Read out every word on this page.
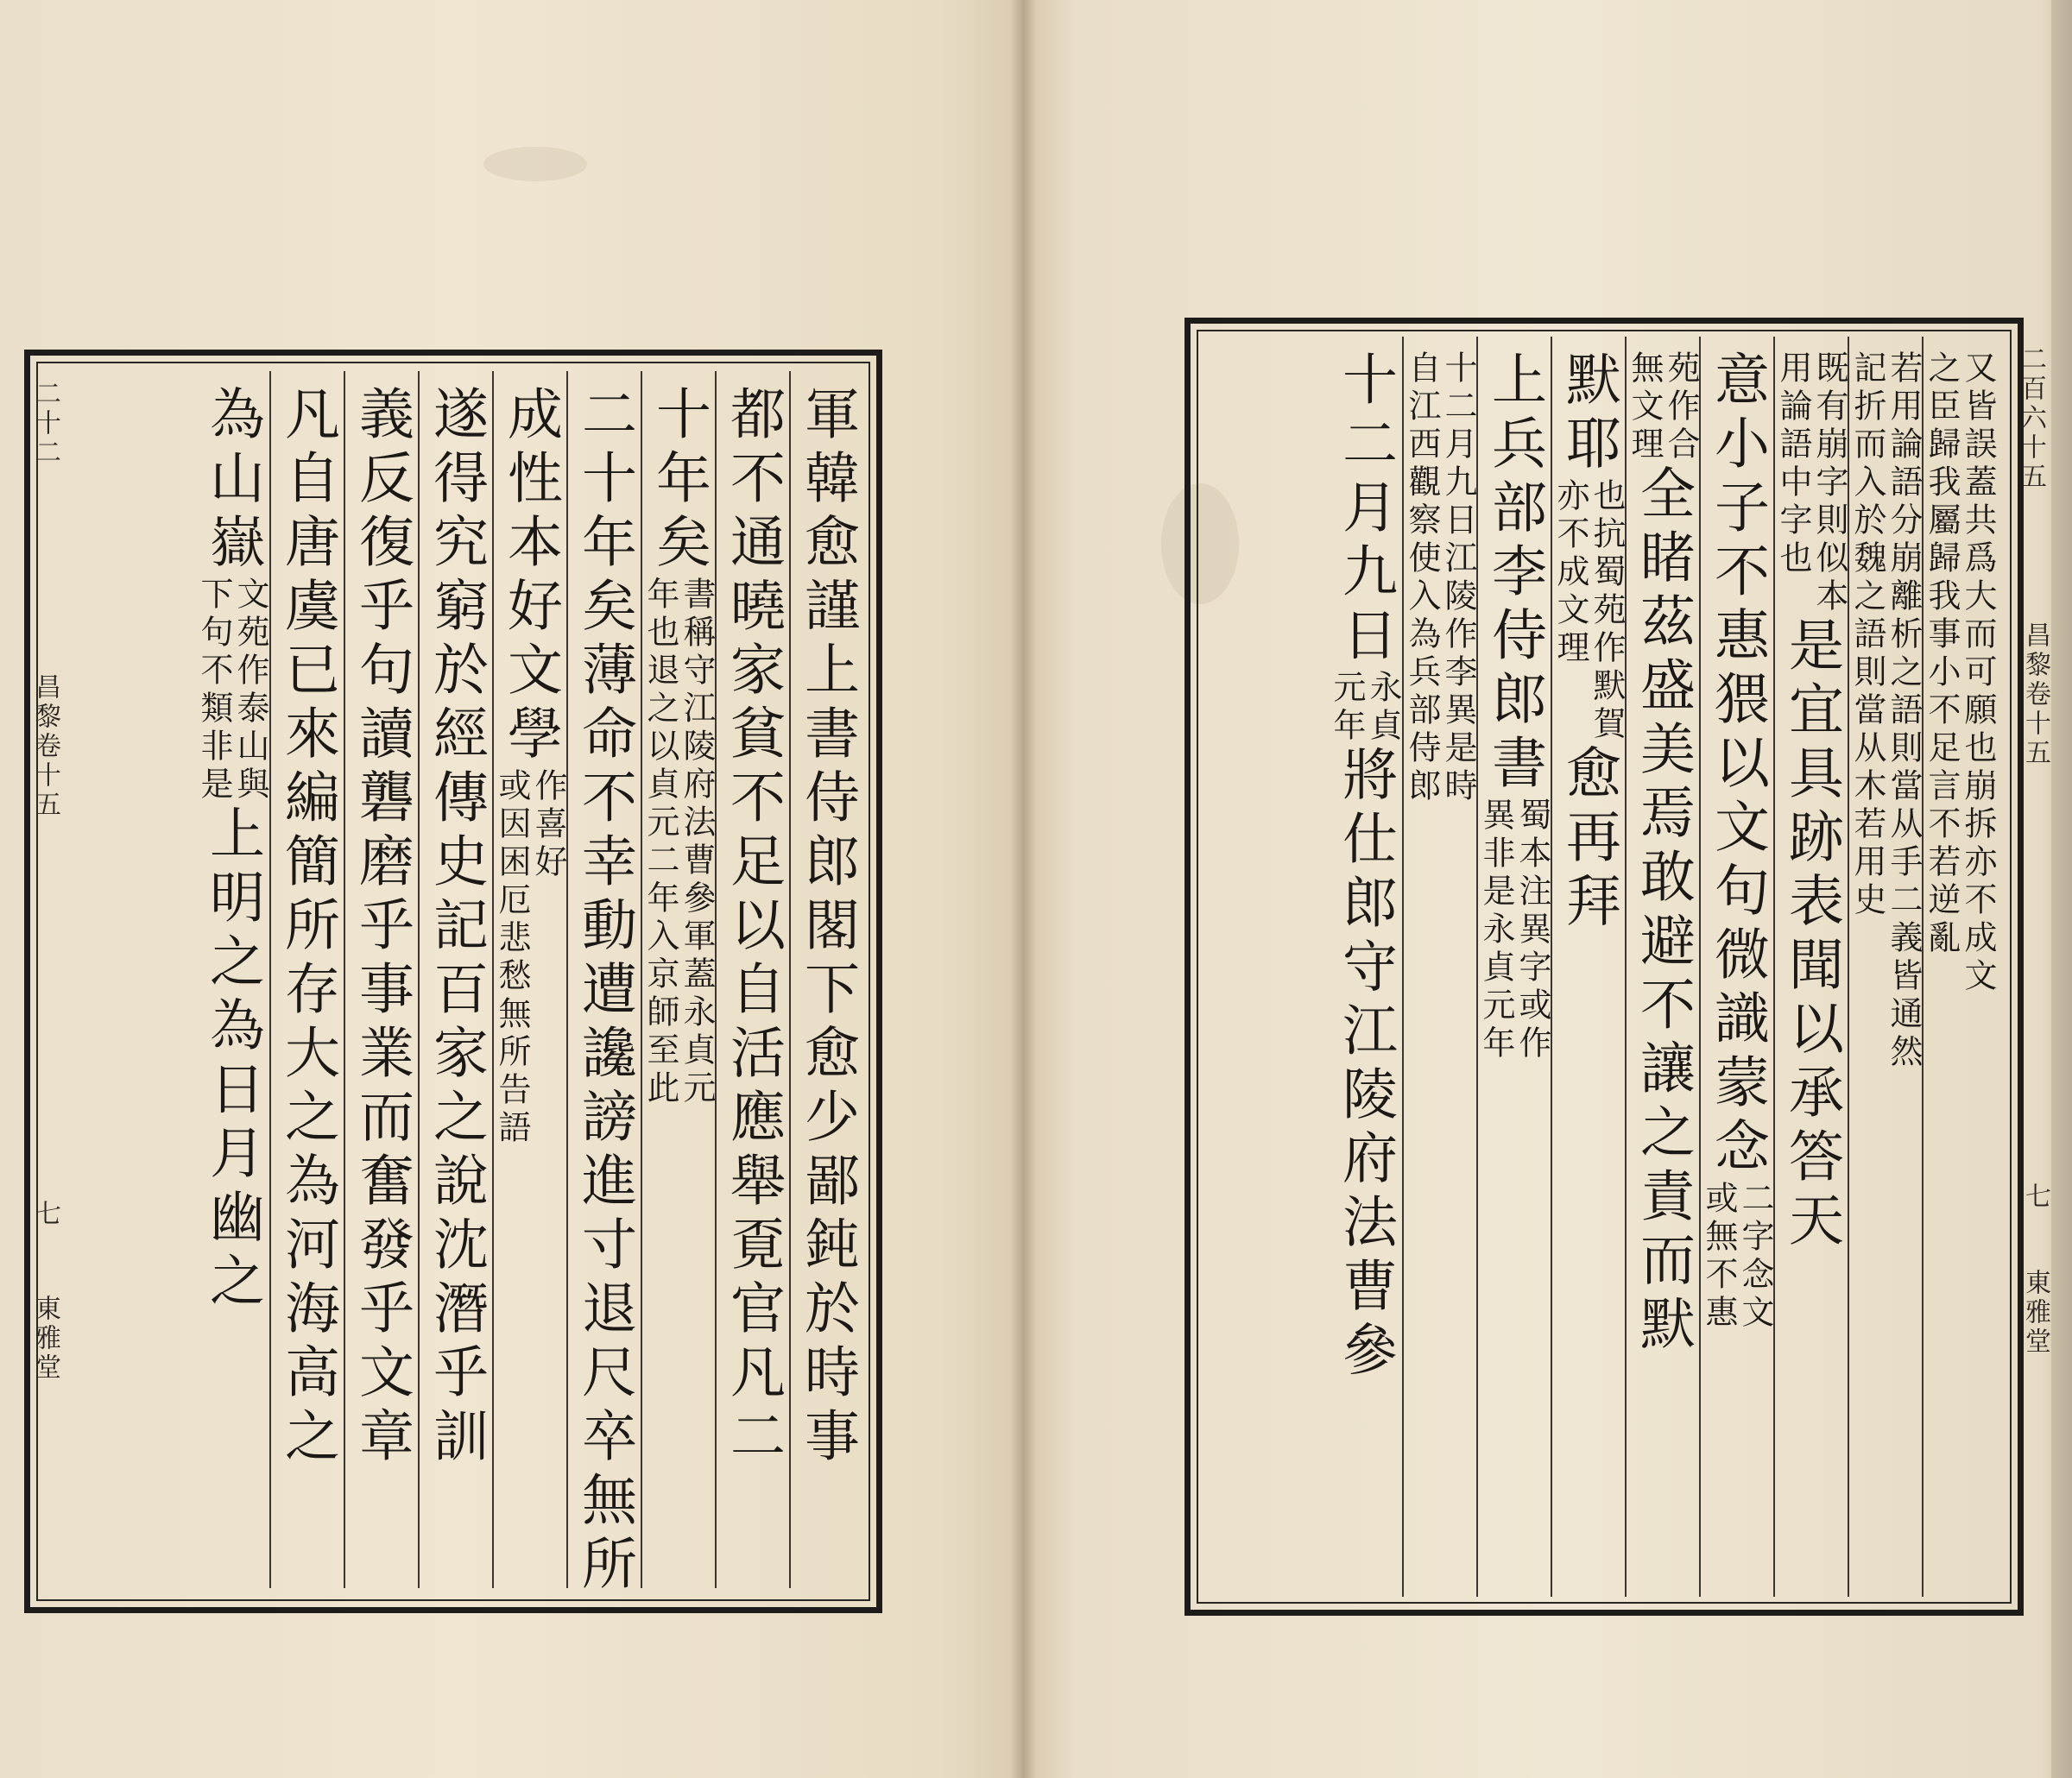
軍韓愈謹上書侍郎閣下愈少鄙鈍於時事
都不通曉家貧不足以自活應舉覔官凡二
十年矣
書稱守江陵府法曹參軍蓋永貞元
年也退之以貞元二年入京師至此
二十年矣薄命不幸動遭讒謗進寸退尺卒無所
成性本好文學
作喜好
或因困厄悲愁無所告語
遂得究窮於經傳史記百家之說沈潛乎訓
義反復乎句讀礱磨乎事業而奮發乎文章
凡自唐虞已來編簡所存大之為河海高之
為山嶽
文苑作泰山與
下句不類非是
上明之為日月幽之
二十二
昌黎卷十五
七
東雅堂
又皆誤蓋共爲大而可願也崩拆亦不成文
之臣歸我屬歸我事小不足言不若逆亂
若用論語分崩離析之語則當从手二義皆通然
記折而入於魏之語則當从木若用史
既有崩字則似本
用論語中字也
是宜具跡表聞以承答天
意小子不惠猥以文句微識蒙念
二字念文
或無不惠
苑作合
無文理
全睹茲盛美焉敢避不讓之責而默
默耶
也抗蜀苑作默賀
亦不成文理
愈再拜
上兵部李侍郎書
蜀本注異字或作
異非是永貞元年
十二月九日江陵作李異是時
自江西觀察使入為兵部侍郎
十二月九日
永貞
元年
將仕郎守江陵府法曹參
二百六十五
昌黎卷十五
七
東雅堂
